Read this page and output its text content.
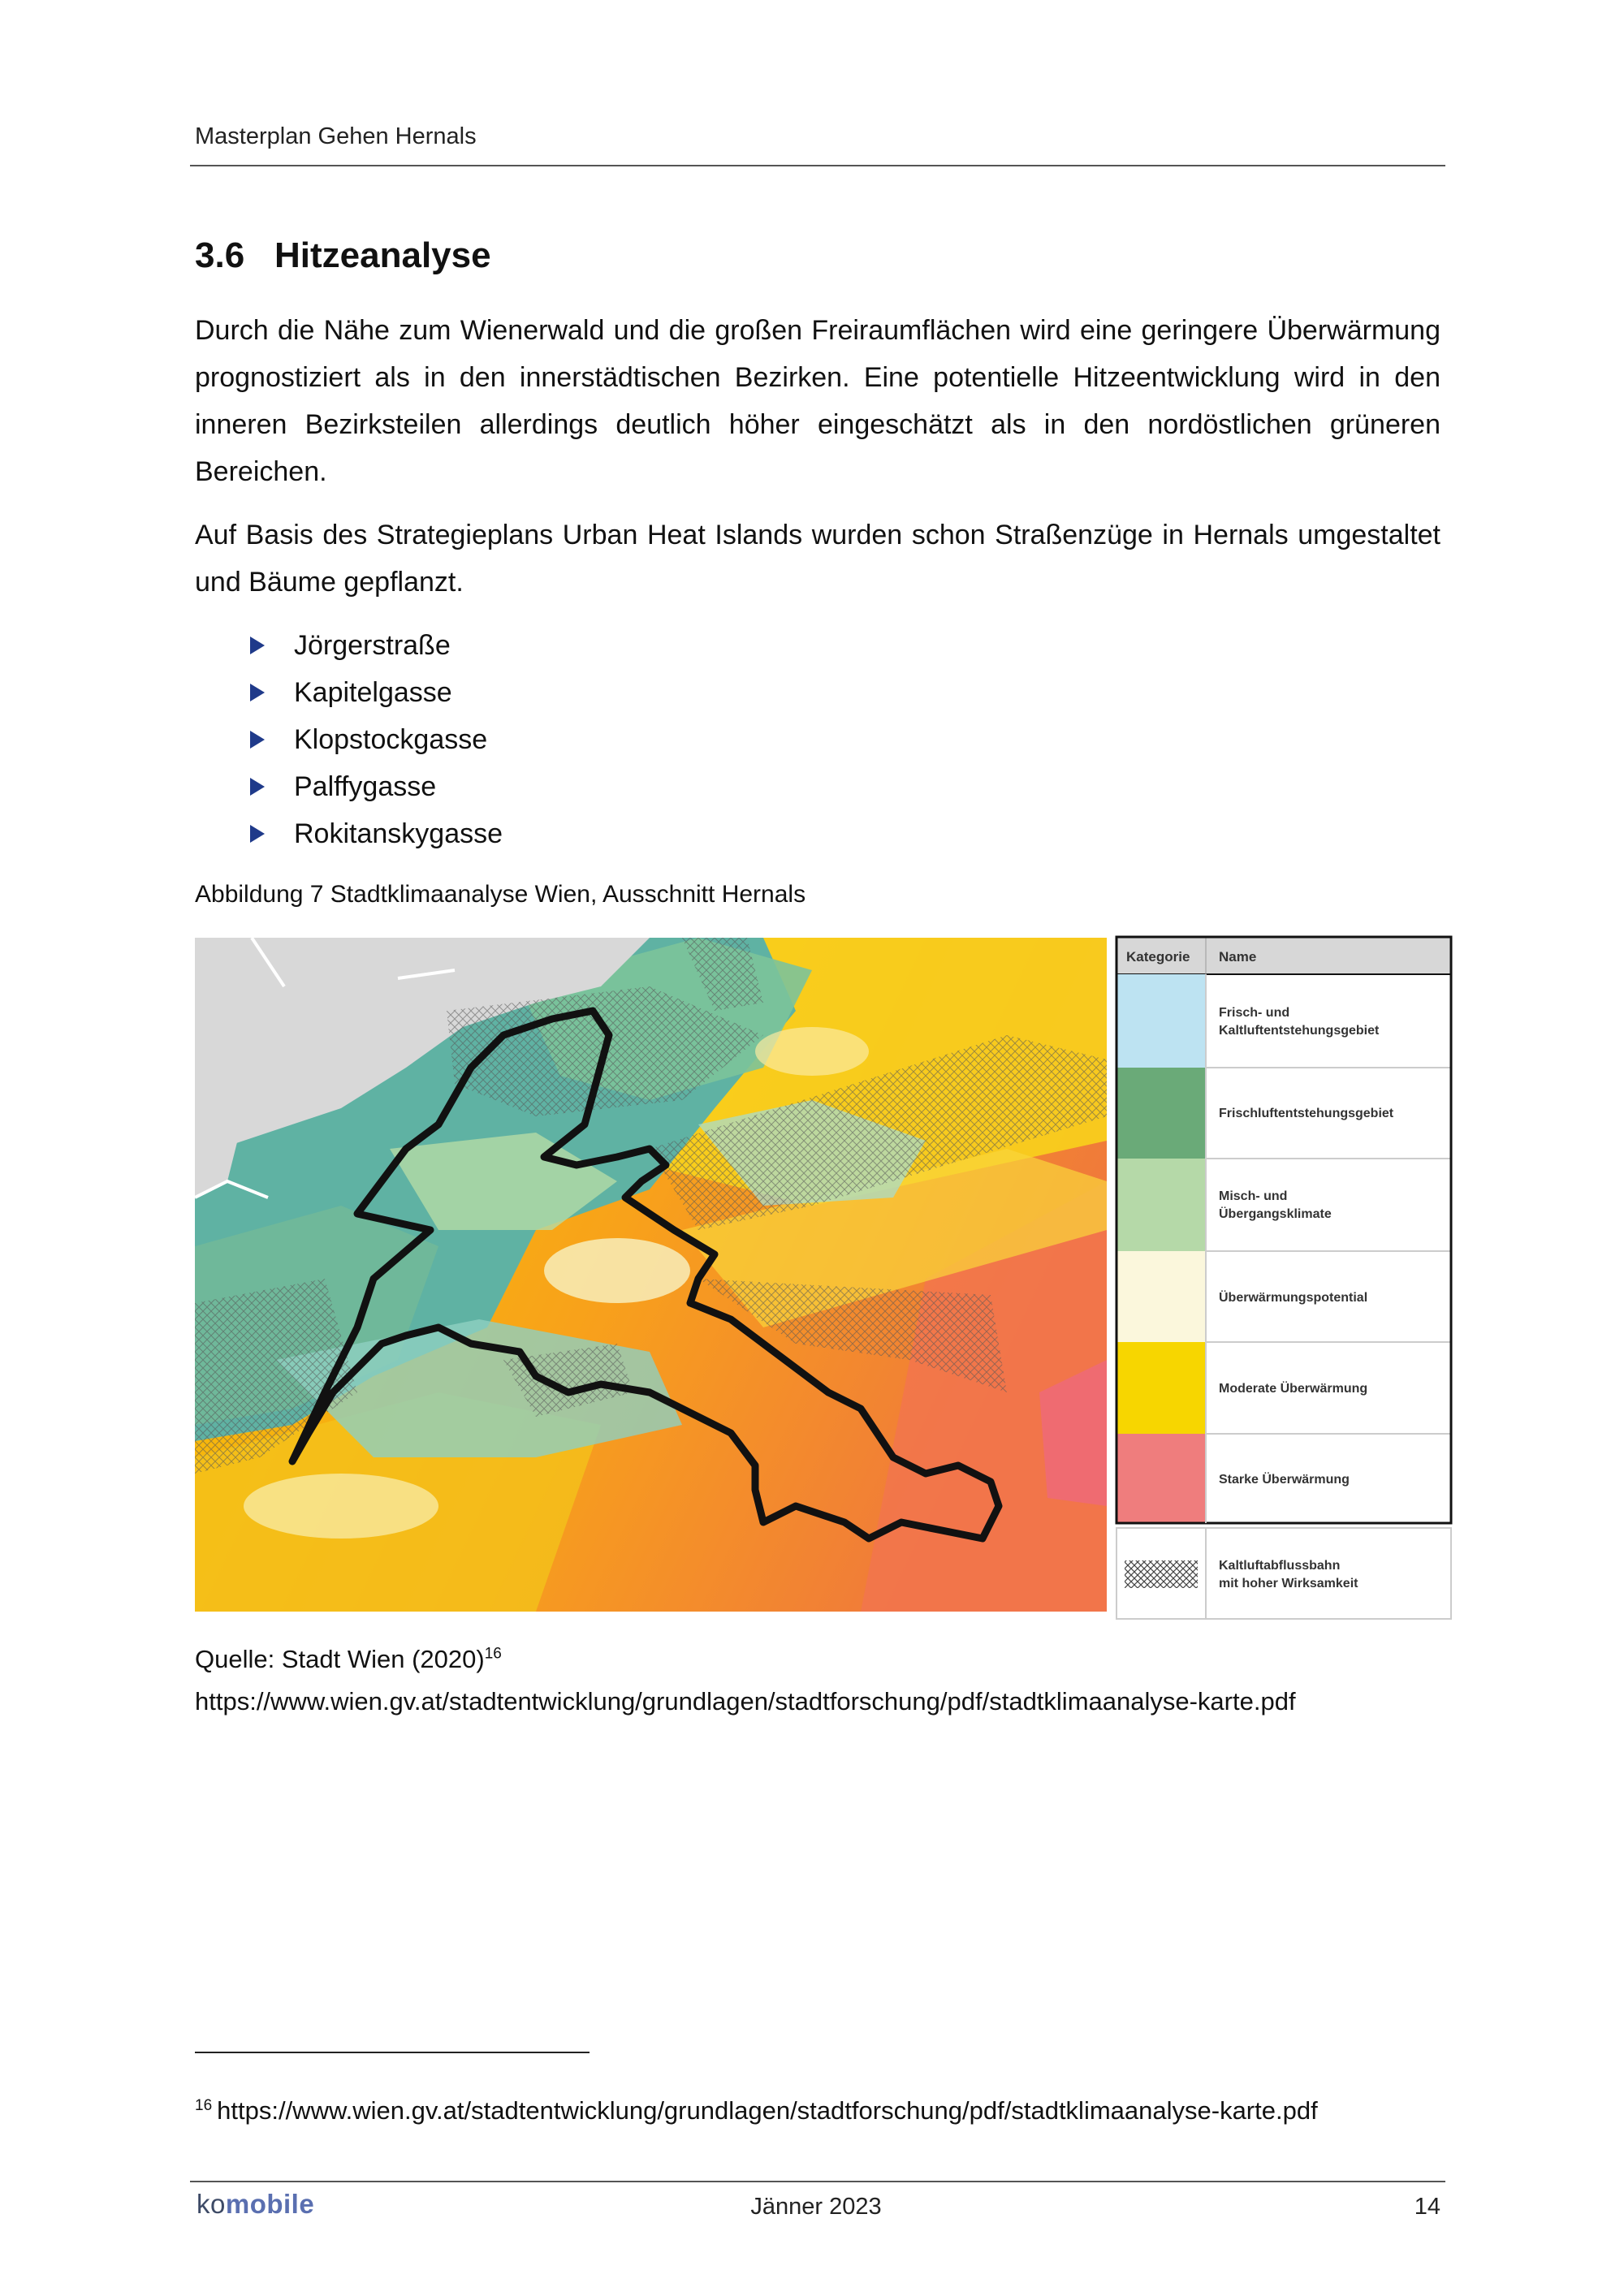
Masterplan Gehen Hernals
3.6 Hitzeanalyse
Durch die Nähe zum Wienerwald und die großen Freiraumflächen wird eine geringere Überwärmung prognostiziert als in den innerstädtischen Bezirken. Eine potentielle Hitzeentwicklung wird in den inneren Bezirksteilen allerdings deutlich höher eingeschätzt als in den nordöstlichen grüneren Bereichen.
Auf Basis des Strategieplans Urban Heat Islands wurden schon Straßenzüge in Hernals umgestaltet und Bäume gepflanzt.
Jörgerstraße
Kapitelgasse
Klopstockgasse
Palffygasse
Rokitanskygasse
Abbildung 7 Stadtklimaanalyse Wien, Ausschnitt Hernals
Kategorie Name
Frisch- und
Kaltluftentstehungsgebiet
Frischluftentstehungsgebiet
Misch- und
Übergangsklimate
Überwärmungspotential
Moderate Überwärmung
Starke Überwärmung
Kaltluftabflussbahn
mit hoher Wirksamkeit
Quelle: Stadt Wien $(2020)^{16}$
https://www.wien.gv.at/stadtentwicklung/grundlagen/stadtforschung/pdf/stadtklimaanalyse-karte.pdf
$^{16}$ https://www.wien.gv.at/stadtentwicklung/grundlagen/stadtforschung/pdf/stadtklimaanalyse-karte.pdf
komobile	Jänner 2023	14
